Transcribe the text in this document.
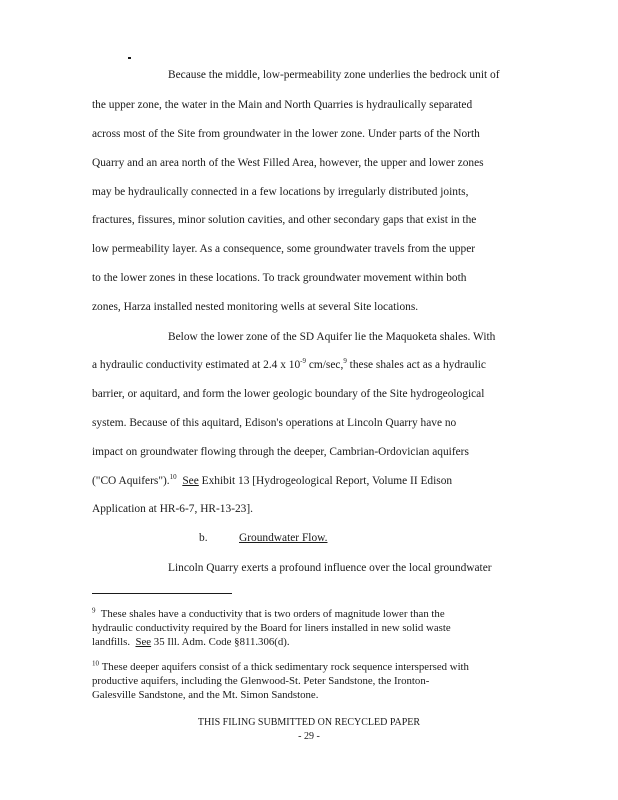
Because the middle, low-permeability zone underlies the bedrock unit of
the upper zone, the water in the Main and North Quarries is hydraulically separated
across most of the Site from groundwater in the lower zone. Under parts of the North
Quarry and an area north of the West Filled Area, however, the upper and lower zones
may be hydraulically connected in a few locations by irregularly distributed joints,
fractures, fissures, minor solution cavities, and other secondary gaps that exist in the
low permeability layer. As a consequence, some groundwater travels from the upper
to the lower zones in these locations. To track groundwater movement within both
zones, Harza installed nested monitoring wells at several Site locations.
Below the lower zone of the SD Aquifer lie the Maquoketa shales. With
a hydraulic conductivity estimated at 2.4 x $10^{-9}$ cm/sec,$^9$ these shales act as a hydraulic
barrier, or aquitard, and form the lower geologic boundary of the Site hydrogeological
system. Because of this aquitard, Edison's operations at Lincoln Quarry have no
impact on groundwater flowing through the deeper, Cambrian-Ordovician aquifers
("CO Aquifers").$^{10}$ See Exhibit 13 [Hydrogeological Report, Volume II Edison
Application at HR-6-7, HR-13-23].
b.	Groundwater Flow.
Lincoln Quarry exerts a profound influence over the local groundwater
$^9$ These shales have a conductivity that is two orders of magnitude lower than the
hydraulic conductivity required by the Board for liners installed in new solid waste
landfills. See 35 Ill. Adm. Code §811.306(d).
$^{10}$ These deeper aquifers consist of a thick sedimentary rock sequence interspersed with
productive aquifers, including the Glenwood-St. Peter Sandstone, the Ironton-
Galesville Sandstone, and the Mt. Simon Sandstone.
THIS FILING SUBMITTED ON RECYCLED PAPER
- 29 -
